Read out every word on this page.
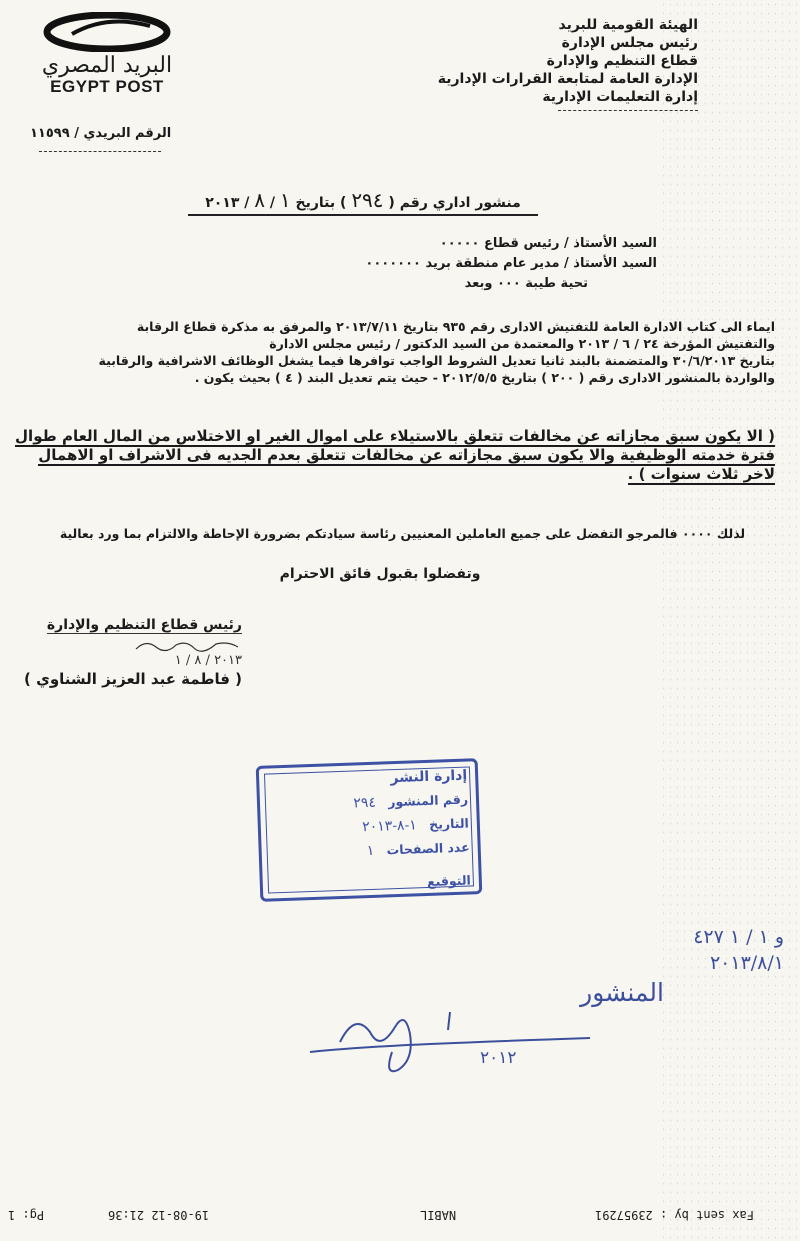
البريد المصري
EGYPT POST
الهيئة القومية للبريد
رئيس مجلس الإدارة
قطاع التنظيم والإدارة
الإدارة العامة لمتابعة القرارات الإدارية
إدارة التعليمات الإدارية
الرقم البريدي / ١١٥٩٩
منشور اداري رقم ( ٢٩٤ ) بتاريخ ١ / ٨ / ٢٠١٣
السيد الأستاذ / رئيس قطاع ٠٠٠٠٠
السيد الأستاذ / مدير عام منطقة بريد ٠٠٠٠٠٠٠
تحية طيبة ٠٠٠ وبعد
ايماء الى كتاب الادارة العامة للتفتيش الادارى رقم ٩٣٥ بتاريخ ٢٠١٣/٧/١١ والمرفق به مذكرة قطاع الرقابة
والتفتيش المؤرخة ٢٤ / ٦ / ٢٠١٣ والمعتمدة من السيد الدكتور / رئيس مجلس الادارة
بتاريخ ٣٠/٦/٢٠١٣ والمتضمنة بالبند ثانيا تعديل الشروط الواجب توافرها فيما يشغل الوظائف الاشرافية والرقابية
والواردة بالمنشور الادارى رقم ( ٢٠٠ ) بتاريخ ٢٠١٢/٥/٥ - حيث يتم تعديل البند ( ٤ ) بحيث يكون .
( الا يكون سبق مجازاته عن مخالفات تتعلق بالاستيلاء على اموال الغير او الاختلاس من المال العام طوال
فترة خدمته الوظيفية والا يكون سبق مجازاته عن مخالفات تتعلق بعدم الجديه فى الاشراف او الاهمال
لاخر ثلاث سنوات ) .
لذلك ٠٠٠٠ فالمرجو التفضل على جميع العاملين المعنيين رئاسة سيادتكم بضرورة الإحاطة والالتزام بما ورد بعالية
وتفضلوا بقبول فائق الاحترام
رئيس قطاع التنظيم والإدارة
٢٠١٣ / ٨ / ١
( فاطمة عبد العزيز الشناوي )
إدارة النشر
رقم المنشور ٢٩٤
التاريخ ١-٨-٢٠١٣
عدد الصفحات ١
التوقيع
و ١ / ١ ٤٢٧
٢٠١٣/٨/١
المنشور
٢٠١٢
Pg: 1	19-08-12 21:36	NABIL	Fax sent by : 23957291
